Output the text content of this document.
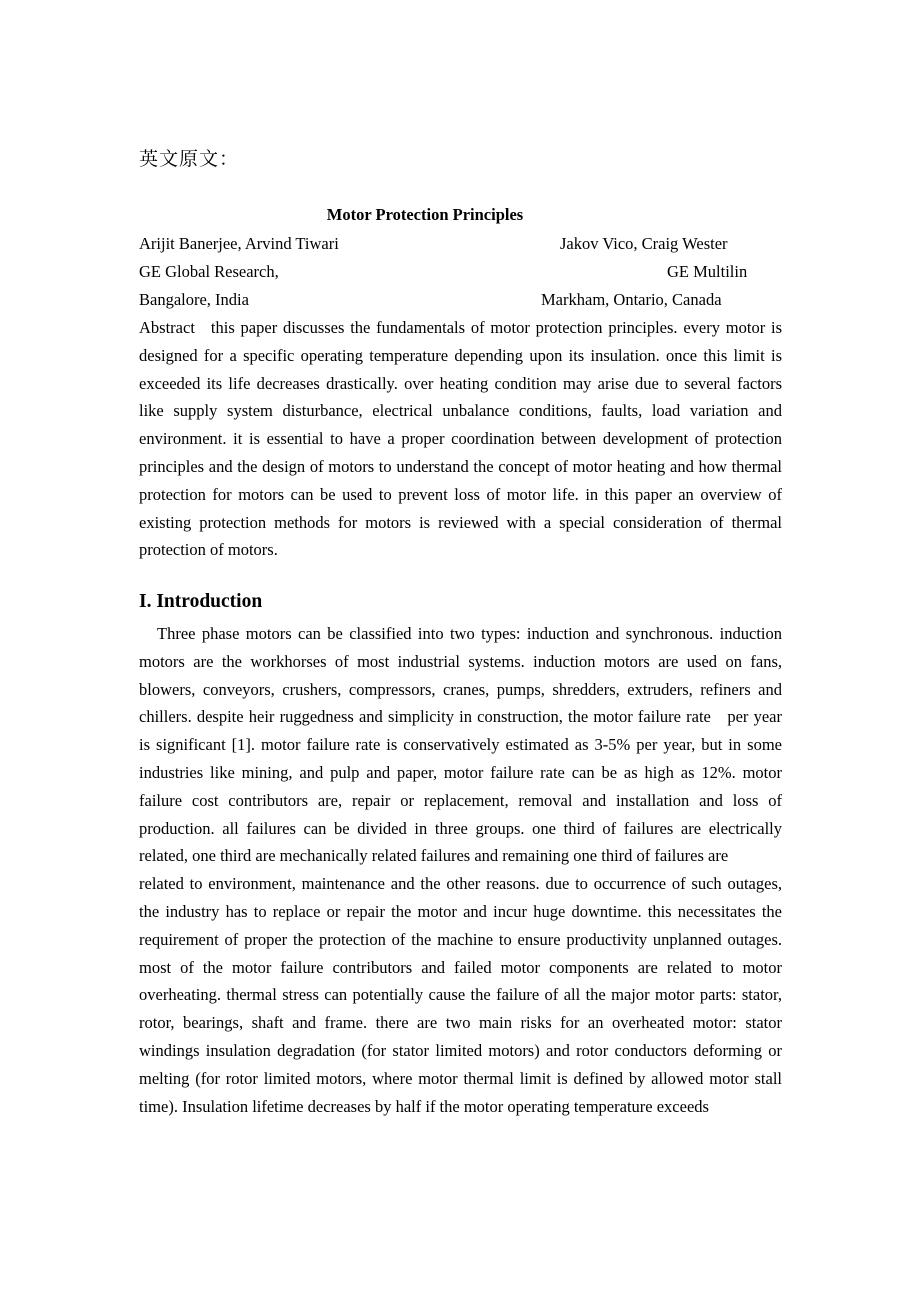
英文原文：
Motor Protection Principles
Arijit Banerjee, Arvind Tiwari	Jakov Vico, Craig Wester
GE Global Research,	GE Multilin
Bangalore, India	Markham, Ontario, Canada

Abstract this paper discusses the fundamentals of motor protection principles. every motor is designed for a specific operating temperature depending upon its insulation. once this limit is exceeded its life decreases drastically. over heating condition may arise due to several factors like supply system disturbance, electrical unbalance conditions, faults, load variation and environment. it is essential to have a proper coordination between development of protection principles and the design of motors to understand the concept of motor heating and how thermal protection for motors can be used to prevent loss of motor life. in this paper an overview of existing protection methods for motors is reviewed with a special consideration of thermal protection of motors.

I. Introduction

Three phase motors can be classified into two types: induction and synchronous. induction motors are the workhorses of most industrial systems. induction motors are used on fans, blowers, conveyors, crushers, compressors, cranes, pumps, shredders, extruders, refiners and chillers. despite heir ruggedness and simplicity in construction, the motor failure rate per year is significant [1]. motor failure rate is conservatively estimated as 3-5% per year, but in some industries like mining, and pulp and paper, motor failure rate can be as high as 12%. motor failure cost contributors are, repair or replacement, removal and installation and loss of production. all failures can be divided in three groups. one third of failures are electrically related, one third are mechanically related failures and remaining one third of failures are

related to environment, maintenance and the other reasons. due to occurrence of such outages, the industry has to replace or repair the motor and incur huge downtime. this necessitates the requirement of proper the protection of the machine to ensure productivity unplanned outages. most of the motor failure contributors and failed motor components are related to motor overheating. thermal stress can potentially cause the failure of all the major motor parts: stator, rotor, bearings, shaft and frame. there are two main risks for an overheated motor: stator windings insulation degradation (for stator limited motors) and rotor conductors deforming or melting (for rotor limited motors, where motor thermal limit is defined by allowed motor stall time). Insulation lifetime decreases by half if the motor operating temperature exceeds
